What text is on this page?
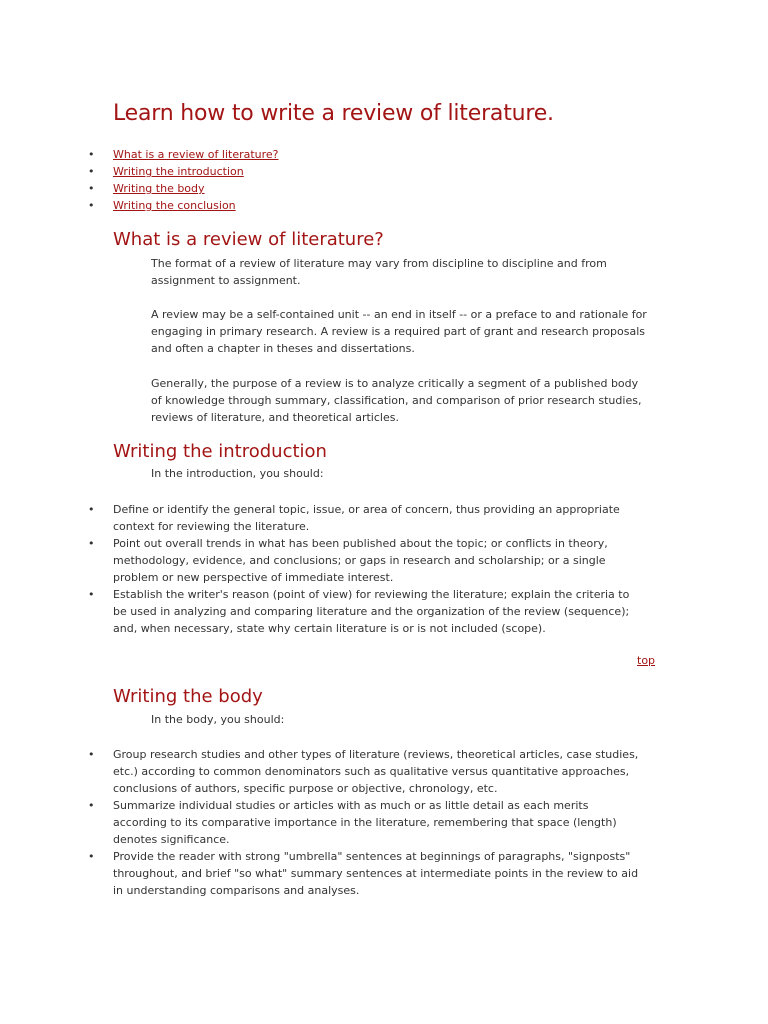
Learn how to write a review of literature.
• What is a review of literature?
• Writing the introduction
• Writing the body
• Writing the conclusion
What is a review of literature?

The format of a review of literature may vary from discipline to discipline and from assignment to assignment.

A review may be a self-contained unit -- an end in itself -- or a preface to and rationale for engaging in primary research. A review is a required part of grant and research proposals and often a chapter in theses and dissertations.

Generally, the purpose of a review is to analyze critically a segment of a published body of knowledge through summary, classification, and comparison of prior research studies, reviews of literature, and theoretical articles.

Writing the introduction

In the introduction, you should:

• Define or identify the general topic, issue, or area of concern, thus providing an appropriate context for reviewing the literature.
• Point out overall trends in what has been published about the topic; or conflicts in theory, methodology, evidence, and conclusions; or gaps in research and scholarship; or a single problem or new perspective of immediate interest.
• Establish the writer's reason (point of view) for reviewing the literature; explain the criteria to be used in analyzing and comparing literature and the organization of the review (sequence); and, when necessary, state why certain literature is or is not included (scope).
top
Writing the body

In the body, you should:

• Group research studies and other types of literature (reviews, theoretical articles, case studies, etc.) according to common denominators such as qualitative versus quantitative approaches, conclusions of authors, specific purpose or objective, chronology, etc.
• Summarize individual studies or articles with as much or as little detail as each merits according to its comparative importance in the literature, remembering that space (length) denotes significance.
• Provide the reader with strong "umbrella" sentences at beginnings of paragraphs, "signposts" throughout, and brief "so what" summary sentences at intermediate points in the review to aid in understanding comparisons and analyses.
